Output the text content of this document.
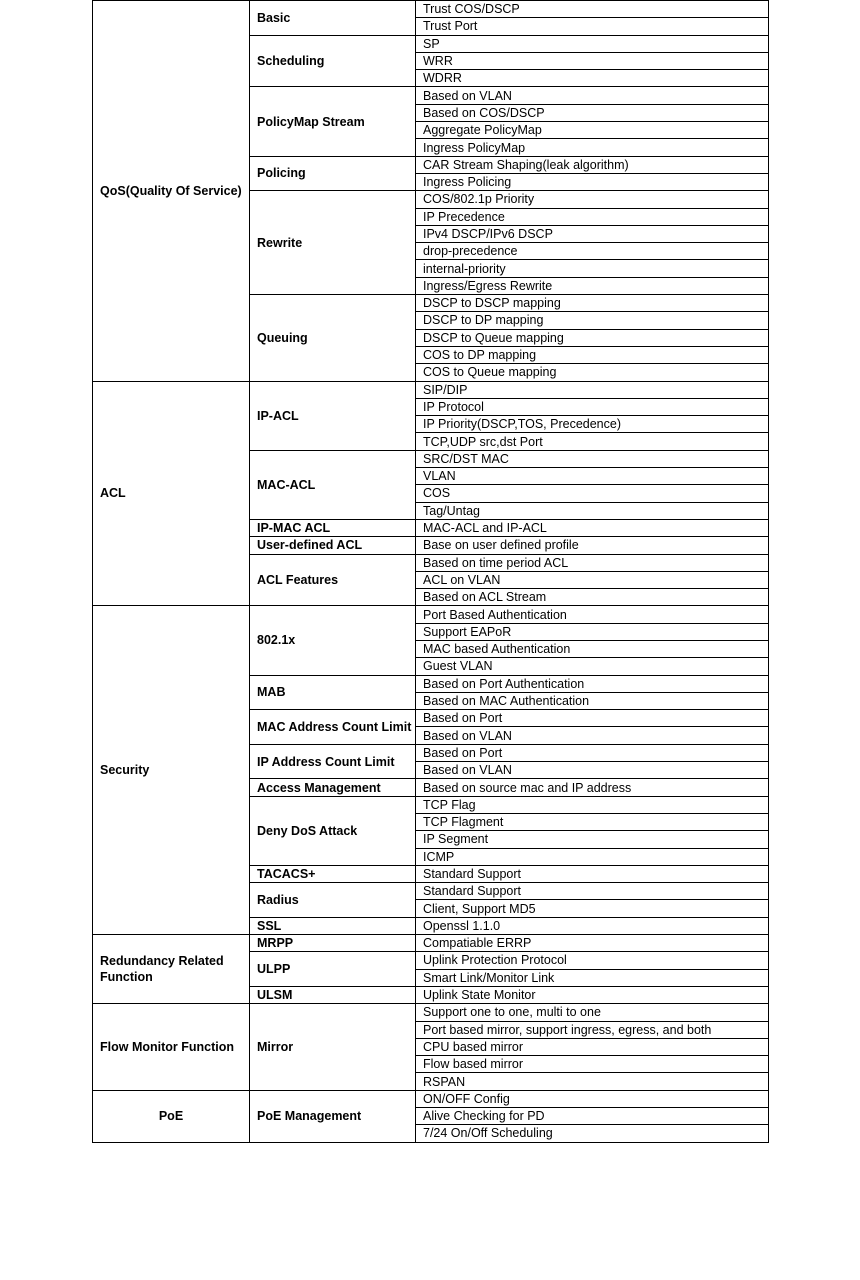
QoS(Quality Of Service)	Basic	Trust COS/DSCP
		Trust Port
	Scheduling	SP
		WRR
		WDRR
	PolicyMap Stream	Based on VLAN
		Based on COS/DSCP
		Aggregate PolicyMap
		Ingress PolicyMap
	Policing	CAR Stream Shaping(leak algorithm)
		Ingress Policing
	Rewrite	COS/802.1p Priority
		IP Precedence
		IPv4 DSCP/IPv6 DSCP
		drop-precedence
		internal-priority
		Ingress/Egress Rewrite
	Queuing	DSCP to DSCP mapping
		DSCP to DP mapping
		DSCP to Queue mapping
		COS to DP mapping
		COS to Queue mapping
ACL	IP-ACL	SIP/DIP
		IP Protocol
		IP Priority(DSCP,TOS, Precedence)
		TCP,UDP src,dst Port
	MAC-ACL	SRC/DST MAC
		VLAN
		COS
		Tag/Untag
	IP-MAC ACL	MAC-ACL and IP-ACL
	User-defined ACL	Base on user defined profile
	ACL Features	Based on time period ACL
		ACL on VLAN
		Based on ACL Stream
Security	802.1x	Port Based Authentication
		Support EAPoR
		MAC based Authentication
		Guest VLAN
	MAB	Based on Port Authentication
		Based on MAC Authentication
	MAC Address Count Limit	Based on Port
		Based on VLAN
	IP Address Count Limit	Based on Port
		Based on VLAN
	Access Management	Based on source mac and IP address
	Deny DoS Attack	TCP Flag
		TCP Flagment
		IP Segment
		ICMP
	TACACS+	Standard Support
	Radius	Standard Support
		Client, Support MD5
	SSL	Openssl 1.1.0
Redundancy Related Function	MRPP	Compatiable ERRP
	ULPP	Uplink Protection Protocol
		Smart Link/Monitor Link
	ULSM	Uplink State Monitor
Flow Monitor Function	Mirror	Support one to one, multi to one
		Port based mirror, support ingress, egress, and both
		CPU based mirror
		Flow based mirror
		RSPAN
PoE	PoE Management	ON/OFF Config
		Alive Checking for PD
		7/24 On/Off Scheduling
